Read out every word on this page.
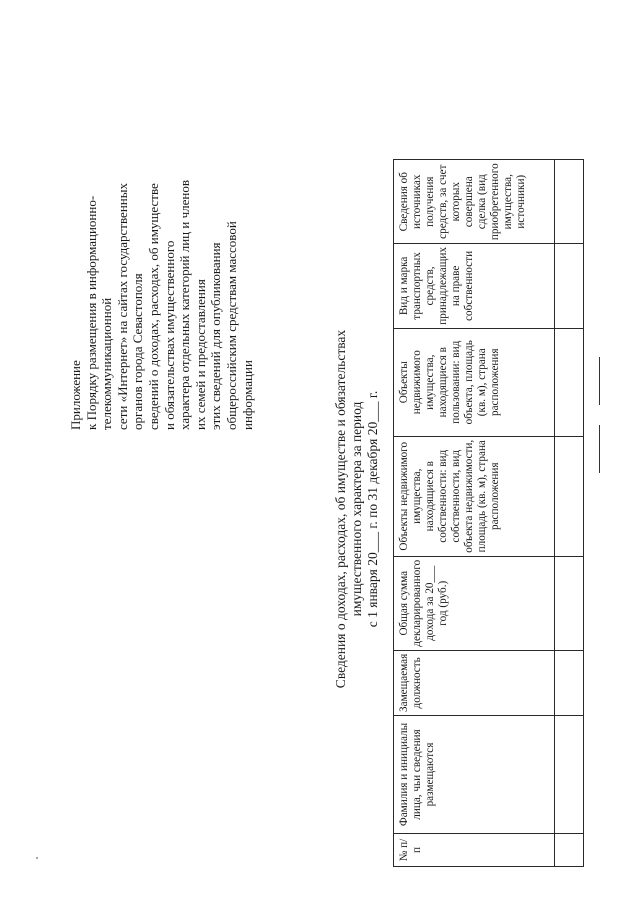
Приложение к Порядку размещения в информационно- телекоммуникационной сети «Интернет» на сайтах государственных органов города Севастополя сведений о доходах, расходах, об имуществе и обязательствах имущественного характера отдельных категорий лиц и членов их семей и предоставления этих сведений для опубликования общероссийским средствам массовой информации	Сведения о доходах, расходах, об имуществе и обязательствах имущественного характера за период с 1 января 20___ г. по 31 декабря 20___ г.
№ п/п	Фамилия и инициалы лица, чьи сведения размещаются	Замещаемая должность	Общая сумма декларированного дохода за 20___ год (руб.)	Объекты недвижимого имущества, находящиеся в собственности: вид собственности, вид объекта недвижимости, площадь (кв. м), страна расположения	Объекты недвижимого имущества, находящиеся в пользовании: вид объекта, площадь (кв. м), страна расположения	Вид и марка транспортных средств, принадлежащих на праве собственности	Сведения об источниках получения средств, за счет которых совершена сделка (вид приобретенного имущества, источники)
